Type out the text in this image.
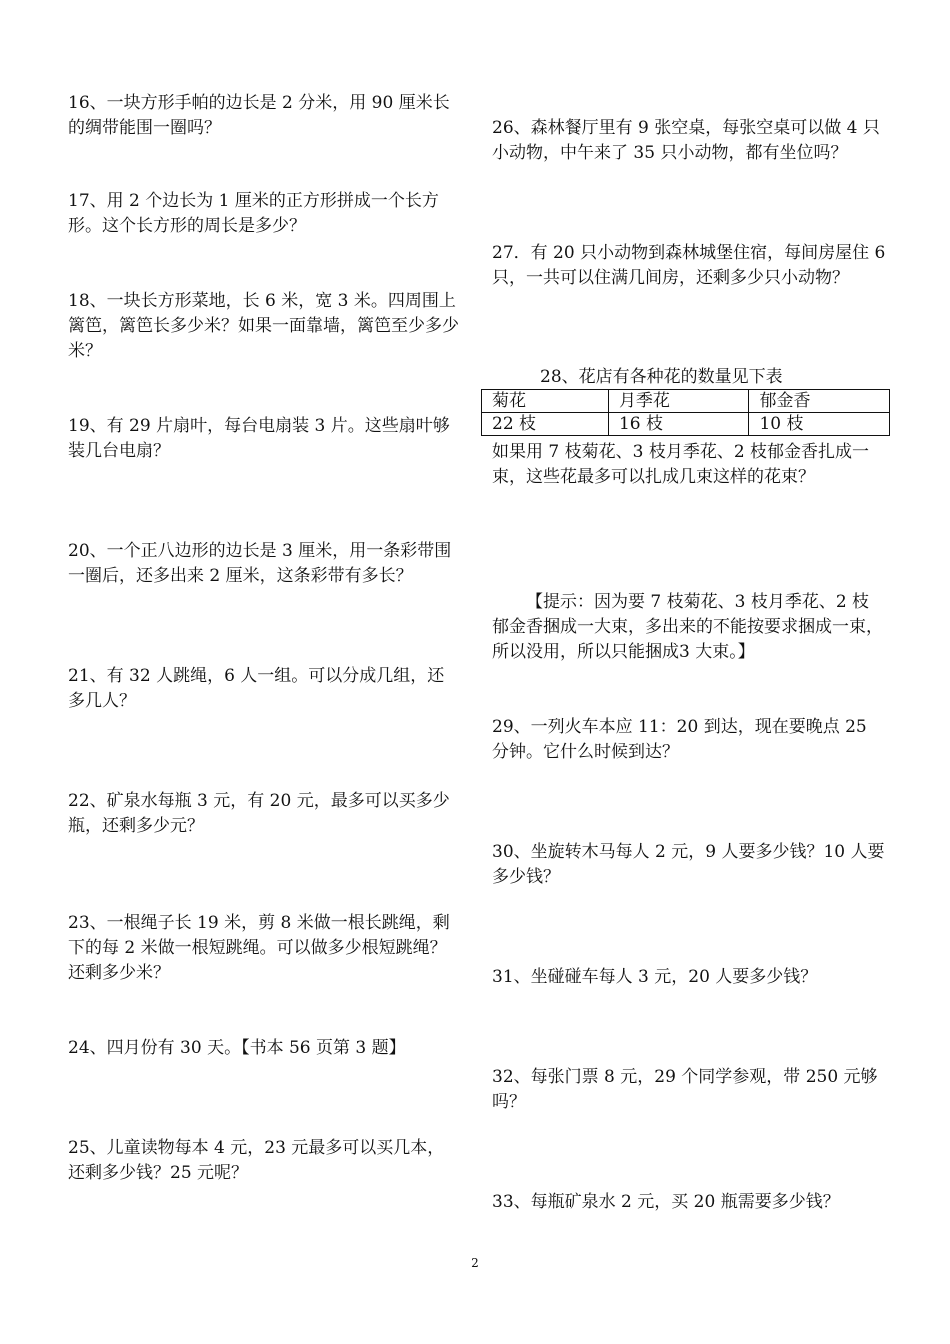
16、一块方形手帕的边长是 2 分米，用 90 厘米长的绸带能围一圈吗？

17、用 2 个边长为 1 厘米的正方形拼成一个长方形。这个长方形的周长是多少？

18、一块长方形菜地，长 6 米，宽 3 米。四周围上篱笆，篱笆长多少米？如果一面靠墙，篱笆至少多少米？

19、有 29 片扇叶，每台电扇装 3 片。这些扇叶够装几台电扇？

20、一个正八边形的边长是 3 厘米，用一条彩带围一圈后，还多出来 2 厘米，这条彩带有多长？

21、有 32 人跳绳，6 人一组。可以分成几组，还多几人？

22、矿泉水每瓶 3 元，有 20 元，最多可以买多少瓶，还剩多少元？

23、一根绳子长 19 米，剪 8 米做一根长跳绳，剩下的每 2 米做一根短跳绳。可以做多少根短跳绳？还剩多少米？

24、四月份有 30 天。【书本 56 页第 3 题】

25、儿童读物每本 4 元，23 元最多可以买几本，还剩多少钱？25 元呢？

26、森林餐厅里有 9 张空桌，每张空桌可以做 4 只小动物，中午来了 35 只小动物，都有坐位吗？

27．有 20 只小动物到森林城堡住宿，每间房屋住 6 只，一共可以住满几间房，还剩多少只小动物？

28、花店有各种花的数量见下表

菊花	月季花	郁金香
22 枝	16 枝	10 枝

如果用 7 枝菊花、3 枝月季花、2 枝郁金香扎成一束，这些花最多可以扎成几束这样的花束？

【提示：因为要 7 枝菊花、3 枝月季花、2 枝郁金香捆成一大束，多出来的不能按要求捆成一束，所以没用，所以只能捆成3 大束。】

29、一列火车本应 11：20 到达，现在要晚点 25 分钟。它什么时候到达？

30、坐旋转木马每人 2 元，9 人要多少钱？10 人要多少钱？

31、坐碰碰车每人 3 元，20 人要多少钱？

32、每张门票 8 元，29 个同学参观，带 250 元够吗？

33、每瓶矿泉水 2 元，买 20 瓶需要多少钱？

2
